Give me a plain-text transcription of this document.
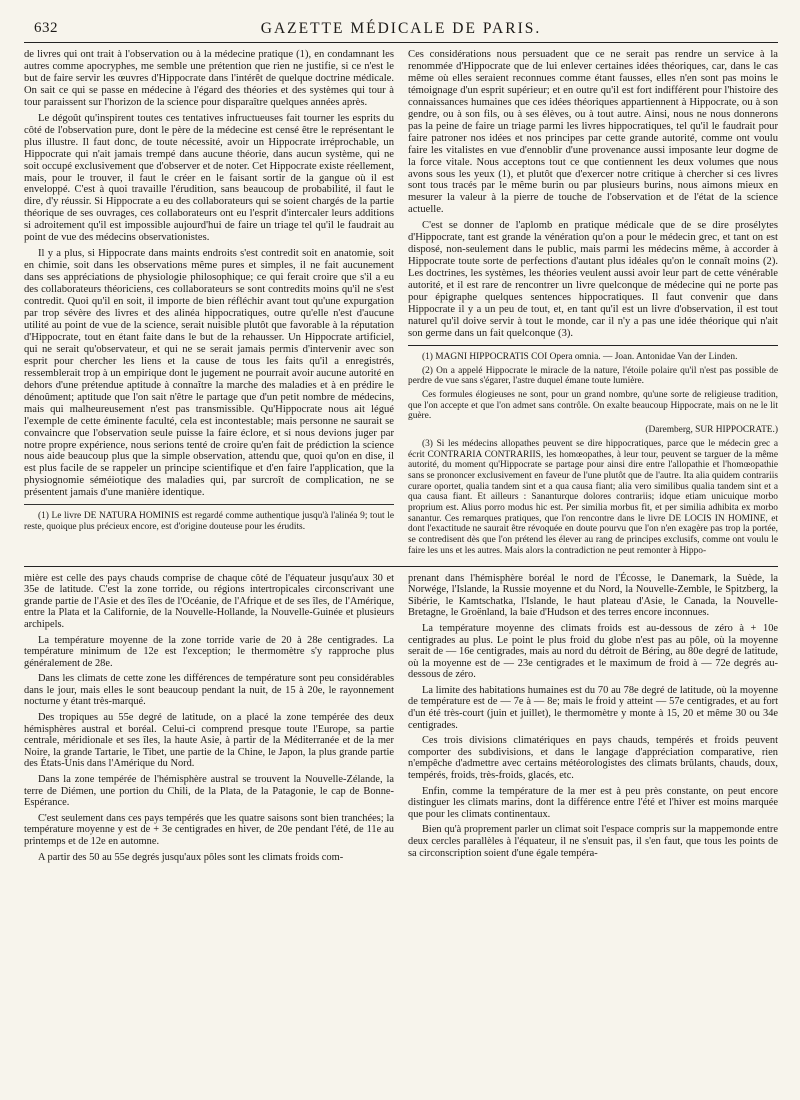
632	GAZETTE MÉDICALE DE PARIS.

de livres qui ont trait à l'observation ou à la médecine pratique (1), en condamnant les autres comme apocryphes, me semble une prétention que rien ne justifie, si ce n'est le but de faire servir les œuvres d'Hippocrate dans l'intérêt de quelque doctrine médicale. On sait ce qui se passe en médecine à l'égard des théories et des systèmes qui tour à tour paraissent sur l'horizon de la science pour disparaître quelques années après.

Le dégoût qu'inspirent toutes ces tentatives infructueuses fait tourner les esprits du côté de l'observation pure, dont le père de la médecine est censé être le représentant le plus illustre. Il faut donc, de toute nécessité, avoir un Hippocrate irréprochable, un Hippocrate qui n'ait jamais trempé dans aucune théorie, dans aucun système, qui ne soit occupé exclusivement que d'observer et de noter. Cet Hippocrate existe réellement, mais, pour le trouver, il faut le créer en le faisant sortir de la gangue où il est enveloppé. C'est à quoi travaille l'érudition, sans beaucoup de probabilité, il faut le dire, d'y réussir. Si Hippocrate a eu des collaborateurs qui se soient chargés de la partie théorique de ses ouvrages, ces collaborateurs ont eu l'esprit d'intercaler leurs additions si adroitement qu'il est impossible aujourd'hui de faire un triage tel qu'il le faudrait au point de vue des médecins observationistes.

Il y a plus, si Hippocrate dans maints endroits s'est contredit soit en anatomie, soit en chimie, soit dans les observations même pures et simples, il ne fait aucunement dans ses appréciations de physiologie philosophique; ce qui ferait croire que s'il a eu des collaborateurs théoriciens, ces collaborateurs se sont contredits moins qu'il ne s'est contredit. Quoi qu'il en soit, il importe de bien réfléchir avant tout qu'une expurgation par trop sévère des livres et des alinéa hippocratiques, outre qu'elle n'est d'aucune utilité au point de vue de la science, serait nuisible plutôt que favorable à la réputation d'Hippocrate, tout en étant faite dans le but de la rehausser. Un Hippocrate artificiel, qui ne serait qu'observateur, et qui ne se serait jamais permis d'intervenir avec son esprit pour chercher les liens et la cause de tous les faits qu'il a enregistrés, ressemblerait trop à un empirique dont le jugement ne pourrait avoir aucune autorité en dehors d'une prétendue aptitude à connaître la marche des maladies et à en prédire le dénoûment; aptitude que l'on sait n'être le partage que d'un petit nombre de médecins, mais qui malheureusement n'est pas transmissible. Qu'Hippocrate nous ait légué l'exemple de cette éminente faculté, cela est incontestable; mais personne ne saurait se convaincre que l'observation seule puisse la faire éclore, et si nous devions juger par notre propre expérience, nous serions tenté de croire qu'en fait de prédiction la science nous aide beaucoup plus que la simple observation, attendu que, quoi qu'on en dise, il est plus facile de se rappeler un principe scientifique et d'en faire l'application, que la physiognomie séméiotique des maladies qui, par surcroît de complication, ne se présentent jamais d'une manière identique.

(1) Le livre DE NATURA HOMINIS est regardé comme authentique jusqu'à l'alinéa 9; tout le reste, quoique plus précieux encore, est d'origine douteuse pour les érudits.

Ces considérations nous persuadent que ce ne serait pas rendre un service à la renommée d'Hippocrate que de lui enlever certaines idées théoriques, car, dans le cas même où elles seraient reconnues comme étant fausses, elles n'en sont pas moins le témoignage d'un esprit supérieur; et en outre qu'il est fort indifférent pour l'histoire des connaissances humaines que ces idées théoriques appartiennent à Hippocrate, ou à son gendre, ou à son fils, ou à ses élèves, ou à tout autre. Ainsi, nous ne nous donnerons pas la peine de faire un triage parmi les livres hippocratiques, tel qu'il le faudrait pour faire patroner nos idées et nos principes par cette grande autorité, comme ont voulu faire les vitalistes en vue d'ennoblir d'une provenance aussi imposante leur dogme de la force vitale. Nous acceptons tout ce que contiennent les deux volumes que nous avons sous les yeux (1), et plutôt que d'exercer notre critique à chercher si ces livres sont tous tracés par le même burin ou par plusieurs burins, nous aimons mieux en mesurer la valeur à la pierre de touche de l'observation et de l'état de la science actuelle.

C'est se donner de l'aplomb en pratique médicale que de se dire prosélytes d'Hippocrate, tant est grande la vénération qu'on a pour le médecin grec, et tant on est disposé, non-seulement dans le public, mais parmi les médecins même, à accorder à Hippocrate toute sorte de perfections d'autant plus idéales qu'on le connaît moins (2). Les doctrines, les systèmes, les théories veulent aussi avoir leur part de cette vénérable autorité, et il est rare de rencontrer un livre quelconque de médecine qui ne porte pas pour épigraphe quelques sentences hippocratiques. Il faut convenir que dans Hippocrate il y a un peu de tout, et, en tant qu'il est un livre d'observation, il est tout naturel qu'il doive servir à tout le monde, car il n'y a pas une idée théorique qui n'ait son germe dans un fait quelconque (3).

(1) MAGNI HIPPOCRATIS COI Opera omnia. — Joan. Antonidae Van der Linden.

(2) On a appelé Hippocrate le miracle de la nature, l'étoile polaire qu'il n'est pas possible de perdre de vue sans s'égarer, l'astre duquel émane toute lumière.

Ces formules élogieuses ne sont, pour un grand nombre, qu'une sorte de religieuse tradition, que l'on accepte et que l'on admet sans contrôle. On exalte beaucoup Hippocrate, mais on ne le lit guère.

(Daremberg, SUR HIPPOCRATE.)

(3) Si les médecins allopathes peuvent se dire hippocratiques, parce que le médecin grec a écrit CONTRARIA CONTRARIIS, les homœopathes, à leur tour, peuvent se targuer de la même autorité, du moment qu'Hippocrate se partage pour ainsi dire entre l'allopathie et l'homœopathie sans se prononcer exclusivement en faveur de l'une plutôt que de l'autre. Ita alia quidem contrariis curare oportet, qualia tandem sint et a qua causa fiant; alia vero similibus qualia tandem sint et a qua causa fiant. Et ailleurs : Sananturque dolores contrariis; idque etiam unicuique morbo proprium est. Alius porro modus hic est. Per similia morbus fit, et per similia adhibita ex morbo sanantur. Ces remarques pratiques, que l'on rencontre dans le livre DE LOCIS IN HOMINE, et dont l'exactitude ne saurait être révoquée en doute pourvu que l'on n'en exagère pas trop la portée, se contredisent dès que l'on prétend les élever au rang de principes exclusifs, comme ont voulu le faire les uns et les autres. Mais alors la contradiction ne peut remonter à Hippo-

mière est celle des pays chauds comprise de chaque côté de l'équateur jusqu'aux 30 et 35e de latitude. C'est la zone torride, ou régions intertropicales circonscrivant une grande partie de l'Asie et des îles de l'Océanie, de l'Afrique et de ses îles, de l'Amérique, entre la Plata et la Californie, de la Nouvelle-Hollande, la Nouvelle-Guinée et plusieurs archipels.

La température moyenne de la zone torride varie de 20 à 28e centigrades. La température minimum de 12e est l'exception; le thermomètre s'y rapproche plus généralement de 28e.

Dans les climats de cette zone les différences de température sont peu considérables dans le jour, mais elles le sont beaucoup pendant la nuit, de 15 à 20e, le rayonnement nocturne y étant très-marqué.

Des tropiques au 55e degré de latitude, on a placé la zone tempérée des deux hémisphères austral et boréal. Celui-ci comprend presque toute l'Europe, sa partie centrale, méridionale et ses îles, la haute Asie, à partir de la Méditerranée et de la mer Noire, la grande Tartarie, le Tibet, une partie de la Chine, le Japon, la plus grande partie des États-Unis dans l'Amérique du Nord.

Dans la zone tempérée de l'hémisphère austral se trouvent la Nouvelle-Zélande, la terre de Diémen, une portion du Chili, de la Plata, de la Patagonie, le cap de Bonne-Espérance.

C'est seulement dans ces pays tempérés que les quatre saisons sont bien tranchées; la température moyenne y est de + 3e centigrades en hiver, de 20e pendant l'été, de 11e au printemps et de 12e en automne.

A partir des 50 au 55e degrés jusqu'aux pôles sont les climats froids com-

prenant dans l'hémisphère boréal le nord de l'Écosse, le Danemark, la Suède, la Norwége, l'Islande, la Russie moyenne et du Nord, la Nouvelle-Zemble, le Spitzberg, la Sibérie, le Kamtschatka, l'Islande, le haut plateau d'Asie, le Canada, la Nouvelle-Bretagne, le Groënland, la baie d'Hudson et des terres encore inconnues.

La température moyenne des climats froids est au-dessous de zéro à + 10e centigrades au plus. Le point le plus froid du globe n'est pas au pôle, où la moyenne serait de — 16e centigrades, mais au nord du détroit de Béring, au 80e degré de latitude, où la moyenne est de — 23e centigrades et le maximum de froid à — 72e degrés au-dessous de zéro.

La limite des habitations humaines est du 70 au 78e degré de latitude, où la moyenne de température est de — 7e à — 8e; mais le froid y atteint — 57e centigrades, et au fort d'un été très-court (juin et juillet), le thermomètre y monte à 15, 20 et même 30 ou 34e centigrades.

Ces trois divisions climatériques en pays chauds, tempérés et froids peuvent comporter des subdivisions, et dans le langage d'appréciation comparative, rien n'empêche d'admettre avec certains météorologistes des climats brûlants, chauds, doux, tempérés, froids, très-froids, glacés, etc.

Enfin, comme la température de la mer est à peu près constante, on peut encore distinguer les climats marins, dont la différence entre l'été et l'hiver est moins marquée que pour les climats continentaux.

Bien qu'à proprement parler un climat soit l'espace compris sur la mappemonde entre deux cercles parallèles à l'équateur, il ne s'ensuit pas, il s'en faut, que tous les points de sa circonscription soient d'une égale tempéra-
